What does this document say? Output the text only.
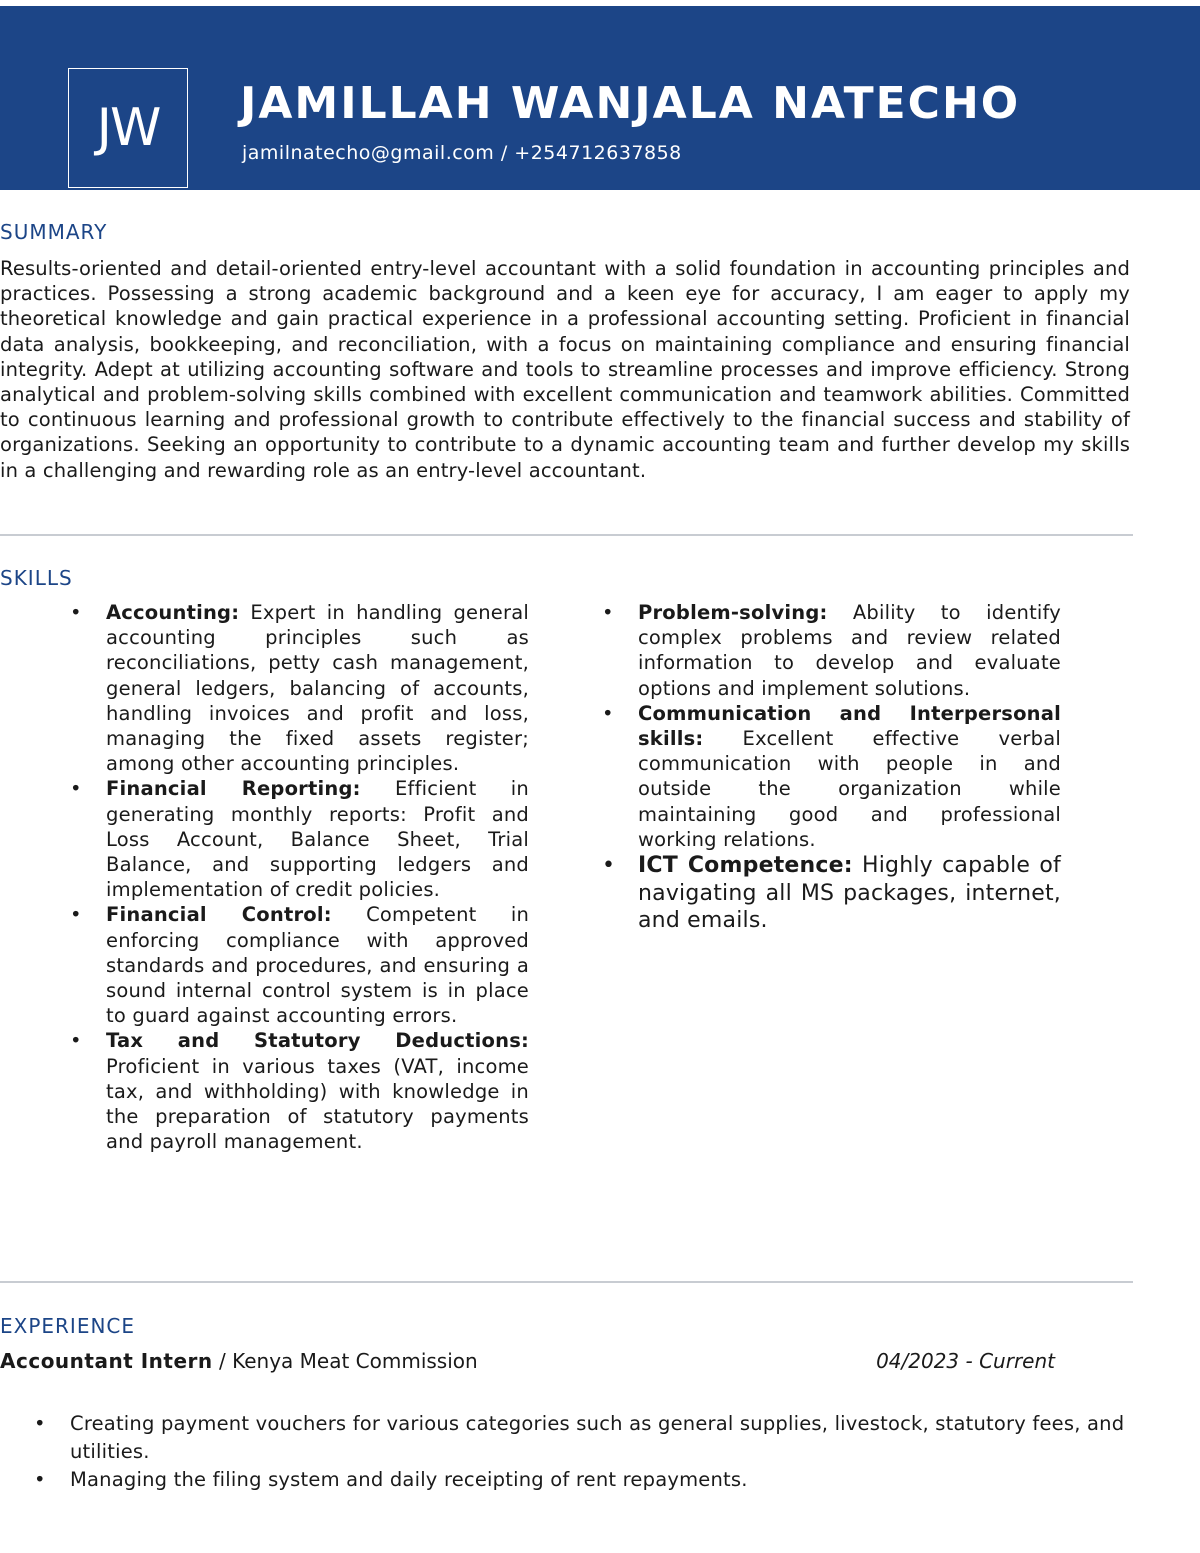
JW	JAMILLAH WANJALA NATECHO
jamilnatecho@gmail.com / +254712637858
SUMMARY
Results-oriented and detail-oriented entry-level accountant with a solid foundation in accounting principles and practices. Possessing a strong academic background and a keen eye for accuracy, I am eager to apply my theoretical knowledge and gain practical experience in a professional accounting setting. Proficient in financial data analysis, bookkeeping, and reconciliation, with a focus on maintaining compliance and ensuring financial integrity. Adept at utilizing accounting software and tools to streamline processes and improve efficiency. Strong analytical and problem-solving skills combined with excellent communication and teamwork abilities. Committed to continuous learning and professional growth to contribute effectively to the financial success and stability of organizations. Seeking an opportunity to contribute to a dynamic accounting team and further develop my skills in a challenging and rewarding role as an entry-level accountant.
SKILLS
• Accounting: Expert in handling general accounting principles such as reconciliations, petty cash management, general ledgers, balancing of accounts, handling invoices and profit and loss, managing the fixed assets register; among other accounting principles.
• Financial Reporting: Efficient in generating monthly reports: Profit and Loss Account, Balance Sheet, Trial Balance, and supporting ledgers and implementation of credit policies.
• Financial Control: Competent in enforcing compliance with approved standards and procedures, and ensuring a sound internal control system is in place to guard against accounting errors.
• Tax and Statutory Deductions: Proficient in various taxes (VAT, income tax, and withholding) with knowledge in the preparation of statutory payments and payroll management.
• Problem-solving: Ability to identify complex problems and review related information to develop and evaluate options and implement solutions.
• Communication and Interpersonal skills: Excellent effective verbal communication with people in and outside the organization while maintaining good and professional working relations.
• ICT Competence: Highly capable of navigating all MS packages, internet, and emails.
EXPERIENCE
Accountant Intern / Kenya Meat Commission	04/2023 - Current
• Creating payment vouchers for various categories such as general supplies, livestock, statutory fees, and utilities.
• Managing the filing system and daily receipting of rent repayments.
